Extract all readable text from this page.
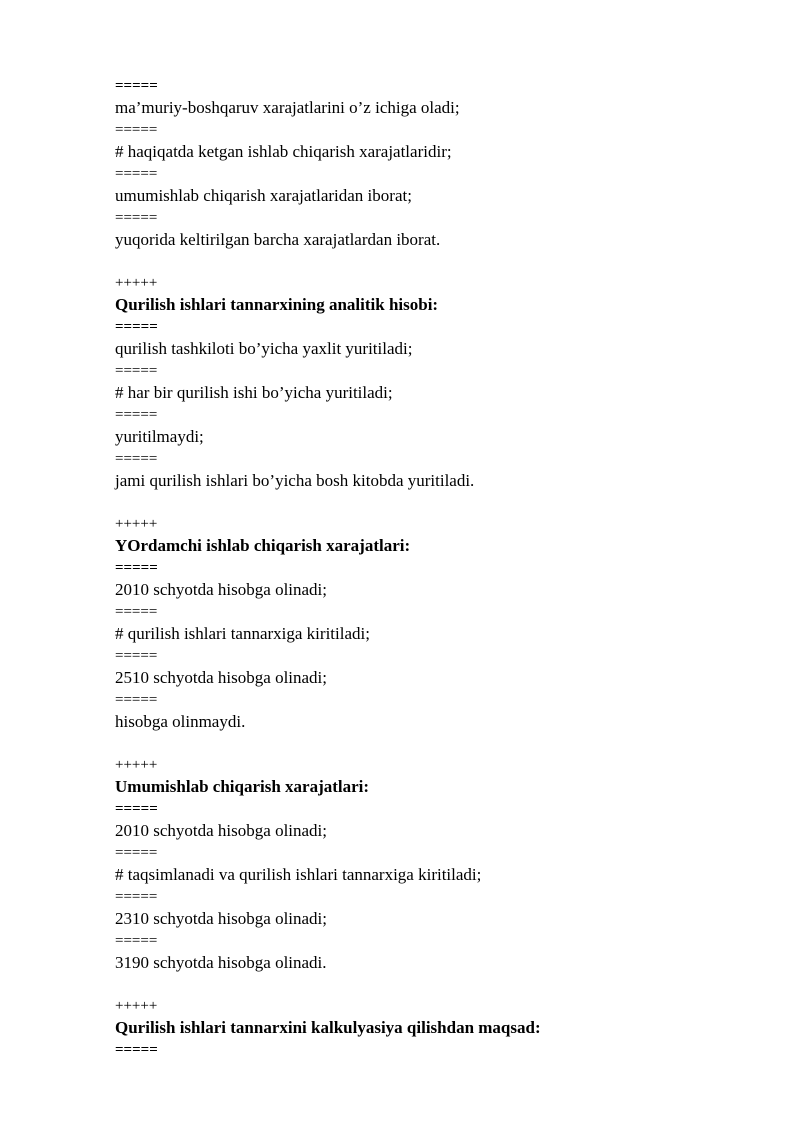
=====
ma’muriy-boshqaruv xarajatlarini o’z ichiga oladi;
=====
# haqiqatda ketgan ishlab chiqarish xarajatlaridir;
=====
umumishlab chiqarish xarajatlaridan iborat;
=====
yuqorida keltirilgan barcha xarajatlardan iborat.
+++++
Qurilish ishlari tannarxining analitik hisobi:
=====
qurilish tashkiloti bo’yicha yaxlit yuritiladi;
=====
# har bir qurilish ishi bo’yicha yuritiladi;
=====
yuritilmaydi;
=====
jami qurilish ishlari bo’yicha bosh kitobda yuritiladi.
+++++
YOrdamchi ishlab chiqarish xarajatlari:
=====
2010 schyotda hisobga olinadi;
=====
# qurilish ishlari tannarxiga kiritiladi;
=====
2510 schyotda hisobga olinadi;
=====
hisobga olinmaydi.
+++++
Umumishlab chiqarish xarajatlari:
=====
2010 schyotda hisobga olinadi;
=====
# taqsimlanadi va qurilish ishlari tannarxiga kiritiladi;
=====
2310 schyotda hisobga olinadi;
=====
3190 schyotda hisobga olinadi.
+++++
Qurilish ishlari tannarxini kalkulyasiya qilishdan maqsad:
=====
